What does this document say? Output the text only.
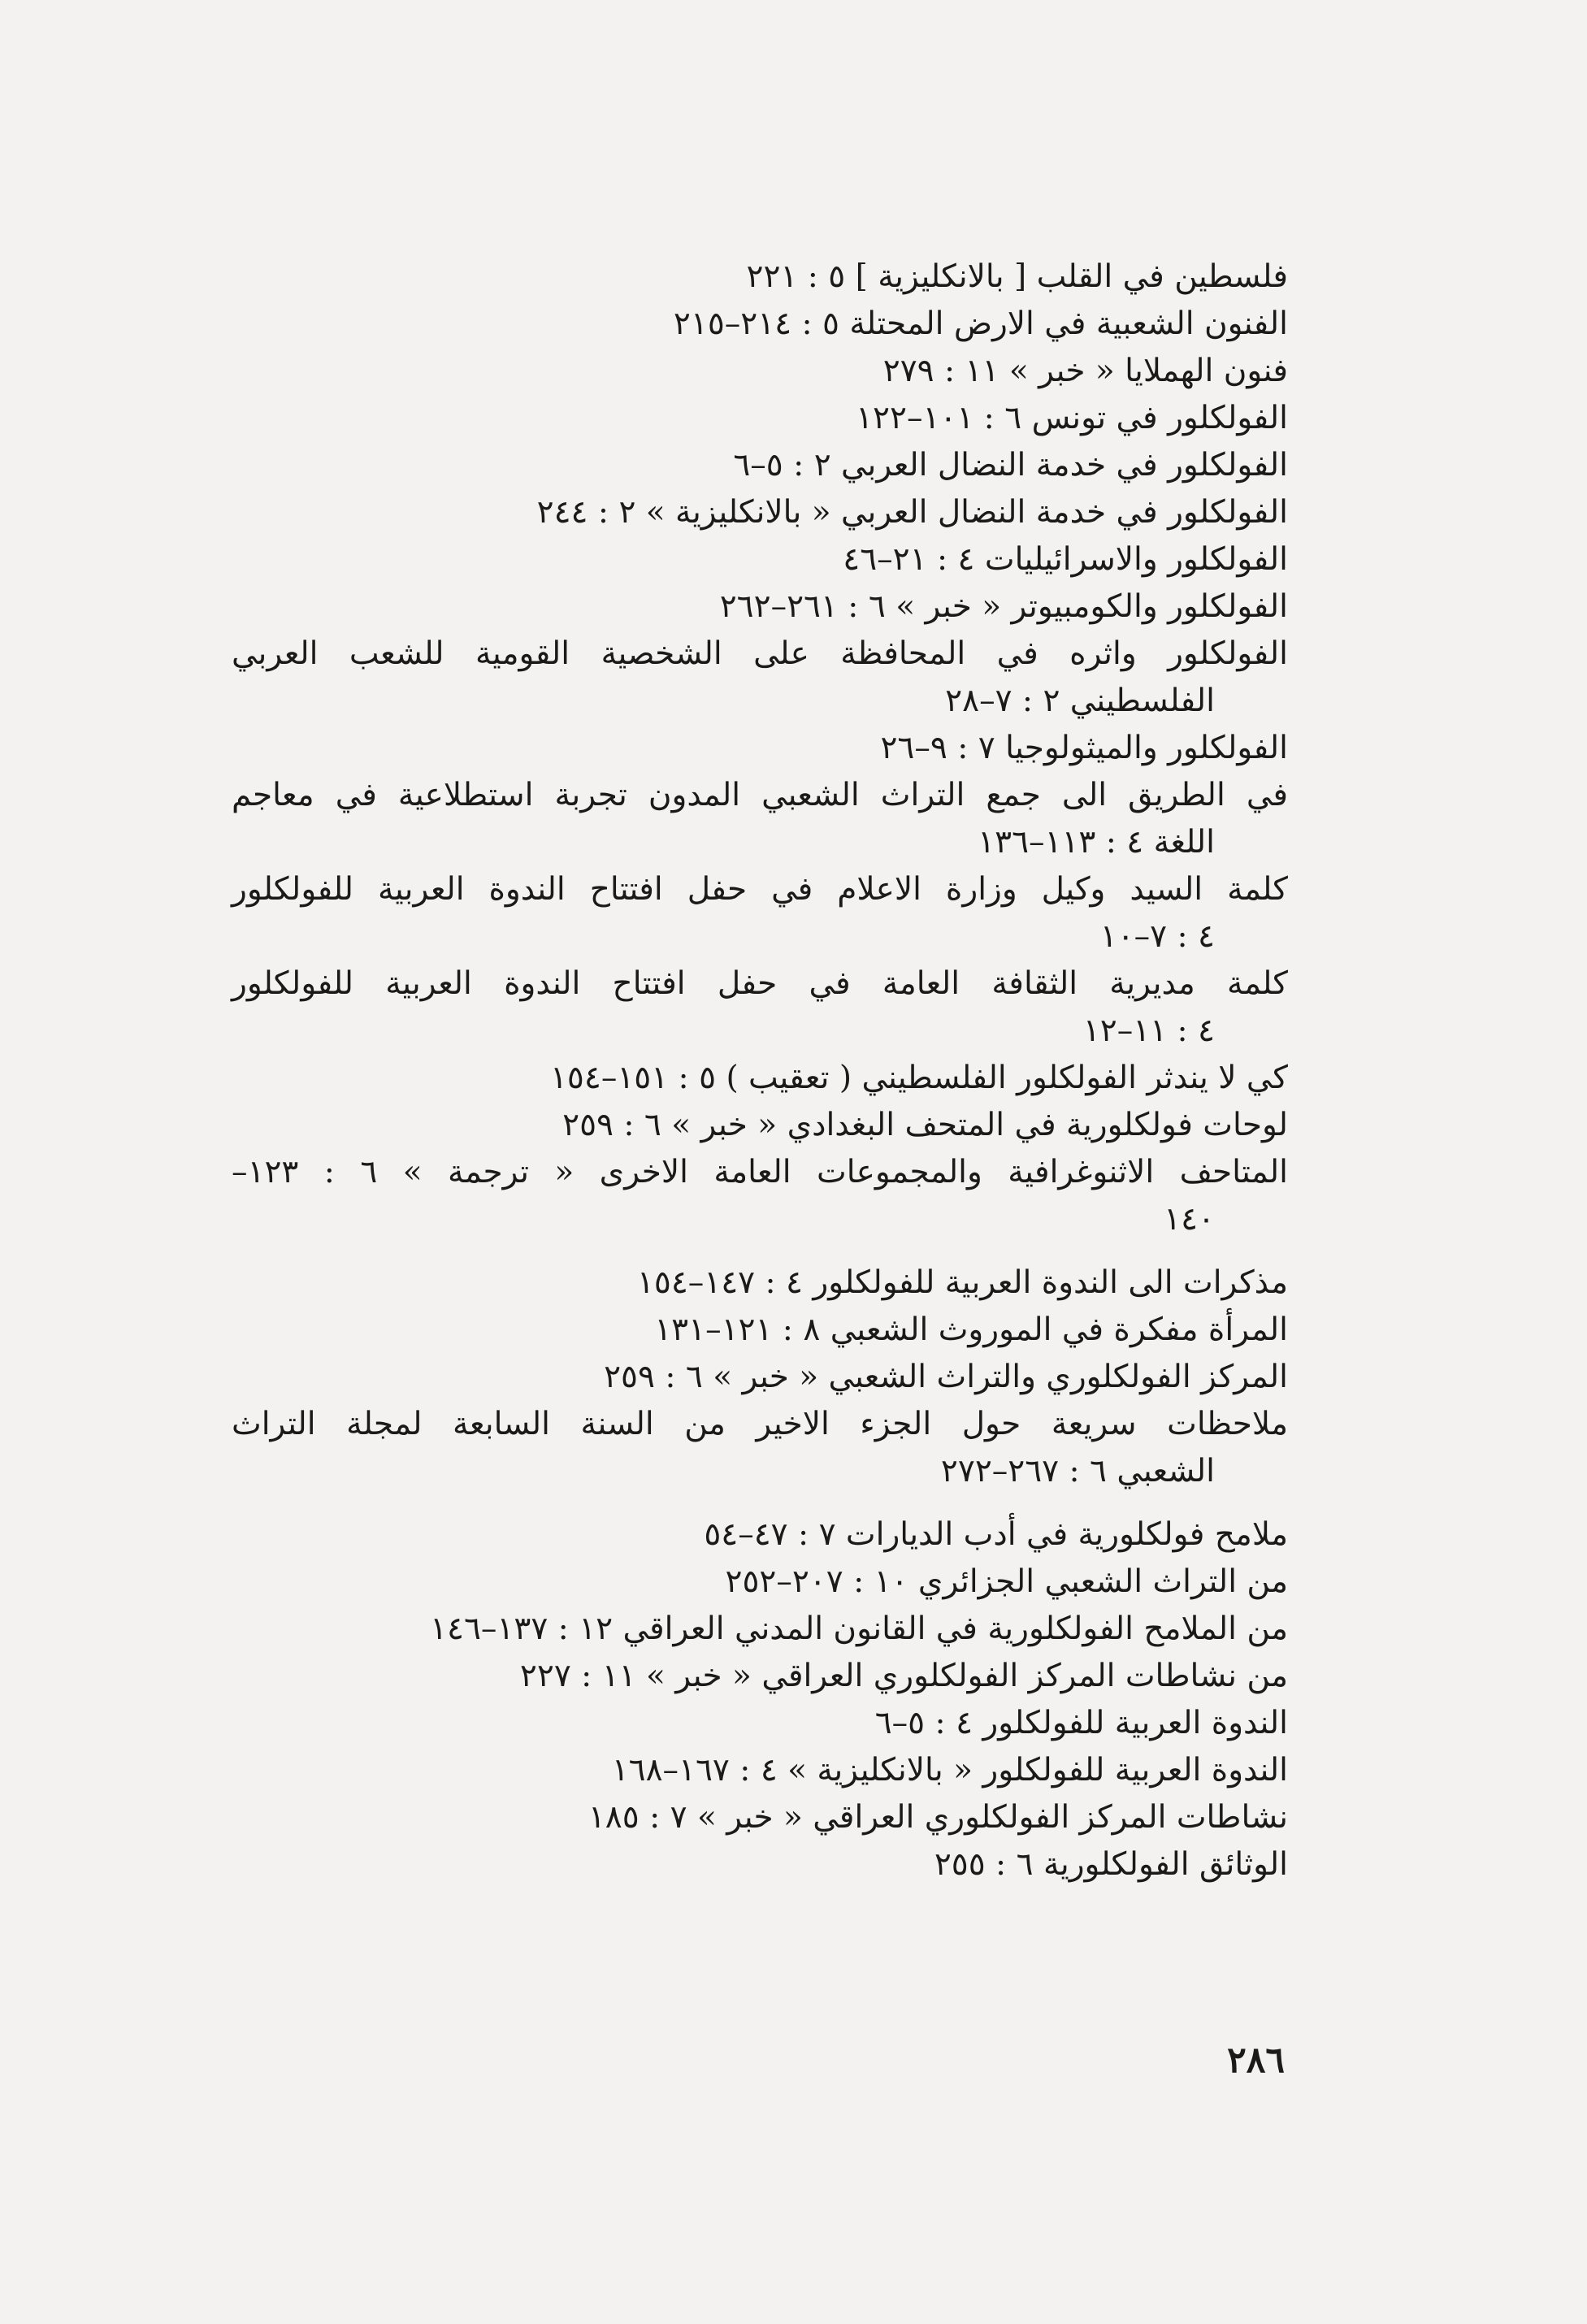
فلسطين في القلب [ بالانكليزية ] ٥ : ٢٢١

الفنون الشعبية في الارض المحتلة ٥ : ٢١٤–٢١٥

فنون الهملايا « خبر » ١١ : ٢٧٩

الفولكلور في تونس ٦ : ١٠١–١٢٢

الفولكلور في خدمة النضال العربي ٢ : ٥–٦

الفولكلور في خدمة النضال العربي « بالانكليزية » ٢ : ٢٤٤

الفولكلور والاسرائيليات ٤ : ٢١–٤٦

الفولكلور والكومبيوتر « خبر » ٦ : ٢٦١–٢٦٢

الفولكلور واثره في المحافظة على الشخصية القومية للشعب العربي

الفلسطيني ٢ : ٧–٢٨

الفولكلور والميثولوجيا ٧ : ٩–٢٦

في الطريق الى جمع التراث الشعبي المدون تجربة استطلاعية في معاجم

اللغة ٤ : ١١٣–١٣٦

كلمة السيد وكيل وزارة الاعلام في حفل افتتاح الندوة العربية للفولكلور

٤ : ٧–١٠

كلمة مديرية الثقافة العامة في حفل افتتاح الندوة العربية للفولكلور

٤ : ١١–١٢

كي لا يندثر الفولكلور الفلسطيني ( تعقيب ) ٥ : ١٥١–١٥٤

لوحات فولكلورية في المتحف البغدادي « خبر » ٦ : ٢٥٩

المتاحف الاثنوغرافية والمجموعات العامة الاخرى « ترجمة » ٦ : ١٢٣–

١٤٠

مذكرات الى الندوة العربية للفولكلور ٤ : ١٤٧–١٥٤

المرأة مفكرة في الموروث الشعبي ٨ : ١٢١–١٣١

المركز الفولكلوري والتراث الشعبي « خبر » ٦ : ٢٥٩

ملاحظات سريعة حول الجزء الاخير من السنة السابعة لمجلة التراث

الشعبي ٦ : ٢٦٧–٢٧٢

ملامح فولكلورية في أدب الديارات ٧ : ٤٧–٥٤

من التراث الشعبي الجزائري ١٠ : ٢٠٧–٢٥٢

من الملامح الفولكلورية في القانون المدني العراقي ١٢ : ١٣٧–١٤٦

من نشاطات المركز الفولكلوري العراقي « خبر » ١١ : ٢٢٧

الندوة العربية للفولكلور ٤ : ٥–٦

الندوة العربية للفولكلور « بالانكليزية » ٤ : ١٦٧–١٦٨

نشاطات المركز الفولكلوري العراقي « خبر » ٧ : ١٨٥

الوثائق الفولكلورية ٦ : ٢٥٥

٢٨٦
